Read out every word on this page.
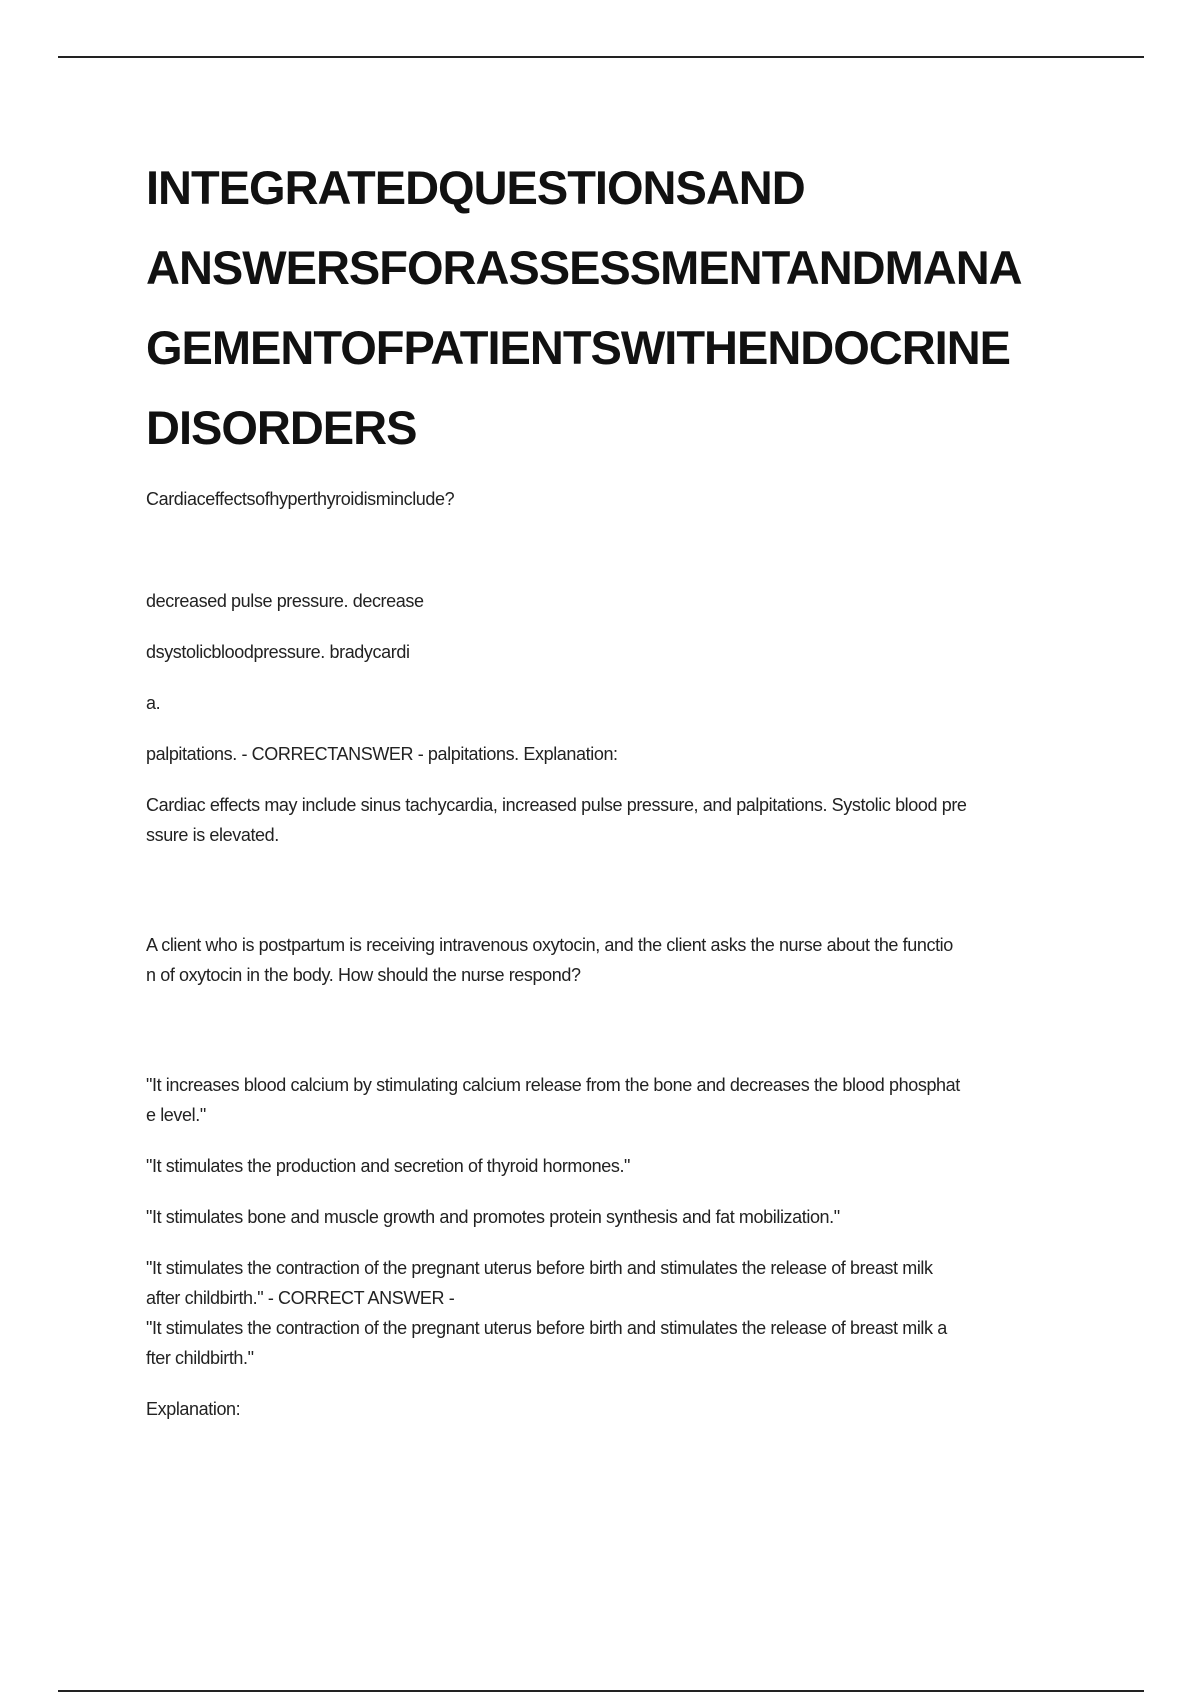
INTEGRATEDQUESTIONSAND
ANSWERSFORASSESSMENTANDMANA
GEMENTOFPATIENTSWITHENDOCRINE
DISORDERS

Cardiaceffectsofhyperthyroidisminclude?

decreased pulse pressure. decrease

dsystolicbloodpressure. bradycardi

a.

palpitations. - CORRECTANSWER - palpitations. Explanation:

Cardiac effects may include sinus tachycardia, increased pulse pressure, and palpitations. Systolic blood pre

ssure is elevated.

A client who is postpartum is receiving intravenous oxytocin, and the client asks the nurse about the functio

n of oxytocin in the body. How should the nurse respond?

"It increases blood calcium by stimulating calcium release from the bone and decreases the blood phosphat

e level."

"It stimulates the production and secretion of thyroid hormones."

"It stimulates bone and muscle growth and promotes protein synthesis and fat mobilization."

"It stimulates the contraction of the pregnant uterus before birth and stimulates the release of breast milk

after childbirth." - CORRECT ANSWER -

"It stimulates the contraction of the pregnant uterus before birth and stimulates the release of breast milk a

fter childbirth."

Explanation:
